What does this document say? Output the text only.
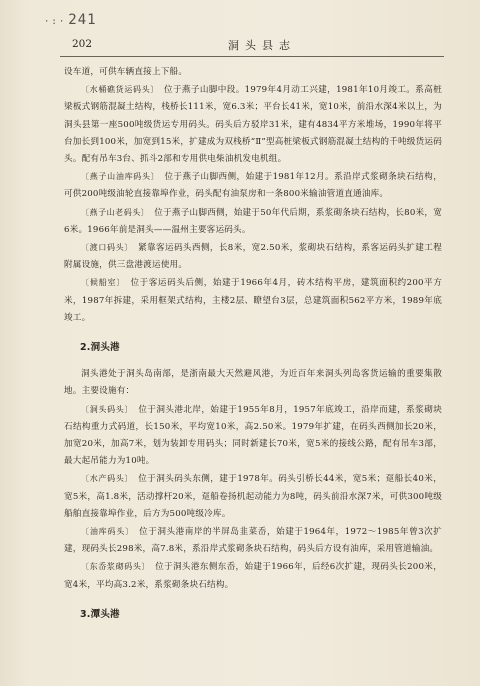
·:· 241
202	洞头县志

设车道，可供车辆直接上下船。

〔水桶礁货运码头〕　 位于燕子山脚中段。1979年4月动工兴建，1981年10月竣工。系高桩梁板式钢筋混凝土结构，栈桥长111米，宽6.3米；平台长41米，宽10米，前沿水深4米以上，为洞头县第一座500吨级货运专用码头。码头后方驳岸31米，建有4834平方米堆场，1990年将平台加长到100米，加宽到15米，扩建成为双栈桥“Ⅱ”型高桩梁板式钢筋混凝土结构的千吨级货运码头。配有吊车3台、抓斗2部和专用供电柴油机发电机组。

〔燕子山油库码头〕　 位于燕子山脚西侧，始建于1981年12月。系沿岸式浆砌条块石结构，可供200吨级油轮直接靠埠作业，码头配有油泵房和一条800米输油管道直通油库。

〔燕子山老码头〕　 位于燕子山脚西侧，始建于50年代后期，系浆砌条块石结构，长80米，宽6米。1966年前是洞头——温州主要客运码头。

〔渡口码头〕　 紧靠客运码头西侧，长8米，宽2.50米，浆砌块石结构，系客运码头扩建工程附属设施，供三盘港渡运使用。

〔候船室〕　 位于客运码头后侧，始建于1966年4月，砖木结构平房，建筑面积约200平方米，1987年拆建，采用框架式结构，主楼2层、瞭望台3层，总建筑面积562平方米，1989年底竣工。

2.洞头港

洞头港处于洞头岛南部，是浙南最大天然避风港，为近百年来洞头列岛客货运输的重要集散地。主要设施有：

〔洞头码头〕　 位于洞头港北岸，始建于1955年8月，1957年底竣工，沿岸而建，系浆砌块石结构重力式码道，长150米，平均宽10米，高2.50米。1979年扩建，在码头西侧加长20米，加宽20米，加高7米，划为装卸专用码头；同时新建长70米，宽5米的接线公路，配有吊车3部，最大起吊能力为10吨。

〔水产码头〕　 位于洞头码头东侧，建于1978年。码头引桥长44米，宽5米；趸船长40米，宽5米，高1.8米，活动撑杆20米，趸船卷扬机起动能力为8吨，码头前沿水深7米，可供300吨级船舶直接靠埠作业，后方为500吨级冷库。

〔油库码头〕　 位于洞头港南岸的半屏岛韭菜岙，始建于1964年，1972～1985年曾3次扩建，现码头长298米，高7.8米，系沿岸式浆砌条块石结构，码头后方设有油库，采用管道输油。

〔东岙浆砌码头〕　 位于洞头港东侧东岙，始建于1966年，后经6次扩建，现码头长200米，宽4米，平均高3.2米，系浆砌条块石结构。

3.潭头港
